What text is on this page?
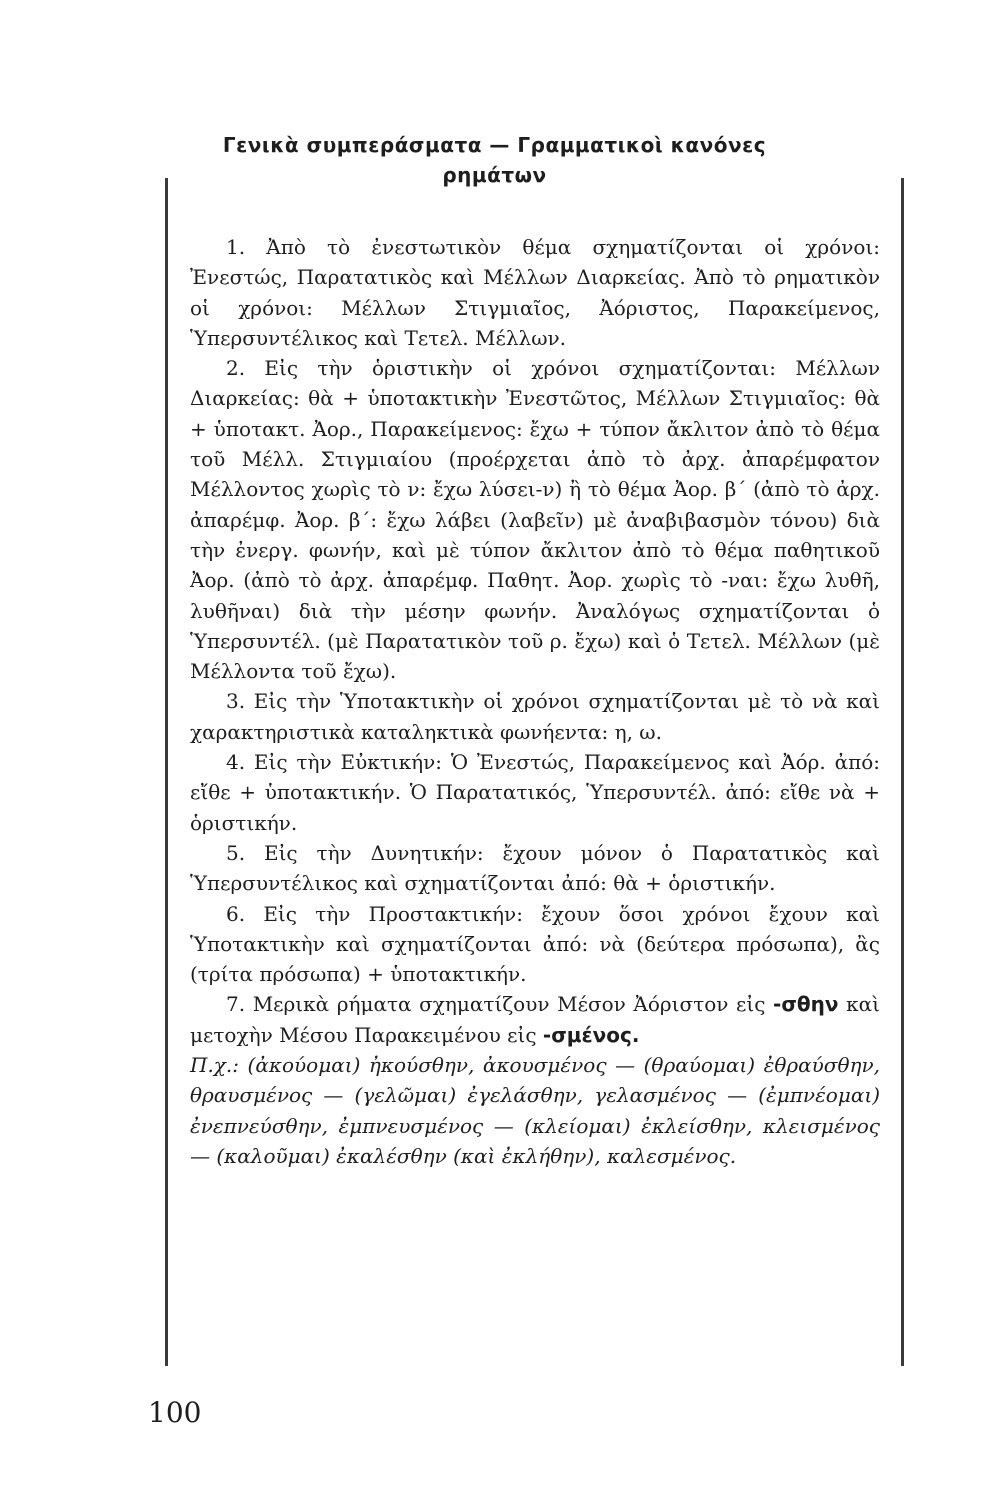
Γενικὰ συμπεράσματα — Γραμματικοὶ κανόνες
ρημάτων

1. Ἀπὸ τὸ ἐνεστωτικὸν θέμα σχηματίζονται οἱ χρόνοι: Ἐνεστώς, Παρατατικὸς καὶ Μέλλων Διαρκείας. Ἀπὸ τὸ ρηματικὸν οἱ χρόνοι: Μέλλων Στιγμιαῖος, Ἀόριστος, Παρακείμενος, Ὑπερσυντέλικος καὶ Τετελ. Μέλλων.

2. Εἰς τὴν ὁριστικὴν οἱ χρόνοι σχηματίζονται: Μέλλων Διαρκείας: θὰ + ὑποτακτικὴν Ἐνεστῶτος, Μέλλων Στιγμιαῖος: θὰ + ὑποτακτ. Ἀορ., Παρακείμενος: ἔχω + τύπον ἄκλιτον ἀπὸ τὸ θέμα τοῦ Μέλλ. Στιγμιαίου (προέρχεται ἀπὸ τὸ ἀρχ. ἀπαρέμφατον Μέλλοντος χωρὶς τὸ ν: ἔχω λύσει-ν) ἢ τὸ θέμα Ἀορ. β΄ (ἀπὸ τὸ ἀρχ. ἀπαρέμφ. Ἀορ. β΄: ἔχω λάβει (λαβεῖν) μὲ ἀναβιβασμὸν τόνου) διὰ τὴν ἐνεργ. φωνήν, καὶ μὲ τύπον ἄκλιτον ἀπὸ τὸ θέμα παθητικοῦ Ἀορ. (ἀπὸ τὸ ἀρχ. ἀπαρέμφ. Παθητ. Ἀορ. χωρὶς τὸ -ναι: ἔχω λυθῆ, λυθῆναι) διὰ τὴν μέσην φωνήν. Ἀναλόγως σχηματίζονται ὁ Ὑπερσυντέλ. (μὲ Παρατατικὸν τοῦ ρ. ἔχω) καὶ ὁ Τετελ. Μέλλων (μὲ Μέλλοντα τοῦ ἔχω).

3. Εἰς τὴν Ὑποτακτικὴν οἱ χρόνοι σχηματίζονται μὲ τὸ νὰ καὶ χαρακτηριστικὰ καταληκτικὰ φωνήεντα: η, ω.

4. Εἰς τὴν Εὐκτικήν: Ὁ Ἐνεστώς, Παρακείμενος καὶ Ἀόρ. ἀπό: εἴθε + ὑποτακτικήν. Ὁ Παρατατικός, Ὑπερσυντέλ. ἀπό: εἴθε νὰ + ὁριστικήν.

5. Εἰς τὴν Δυνητικήν: ἔχουν μόνον ὁ Παρατατικὸς καὶ Ὑπερσυντέλικος καὶ σχηματίζονται ἀπό: θὰ + ὁριστικήν.

6. Εἰς τὴν Προστακτικήν: ἔχουν ὅσοι χρόνοι ἔχουν καὶ Ὑποτακτικὴν καὶ σχηματίζονται ἀπό: νὰ (δεύτερα πρόσωπα), ἂς (τρίτα πρόσωπα) + ὑποτακτικήν.

7. Μερικὰ ρήματα σχηματίζουν Μέσον Ἀόριστον εἰς -σθην καὶ μετοχὴν Μέσου Παρακειμένου εἰς -σμένος.

Π.χ.: (ἀκούομαι) ἠκούσθην, ἀκουσμένος — (θραύομαι) ἐθραύσθην, θραυσμένος — (γελῶμαι) ἐγελάσθην, γελασμένος — (ἐμπνέομαι) ἐνεπνεύσθην, ἐμπνευσμένος — (κλείομαι) ἐκλείσθην, κλεισμένος — (καλοῦμαι) ἐκαλέσθην (καὶ ἐκλήθην), καλεσμένος.

100
